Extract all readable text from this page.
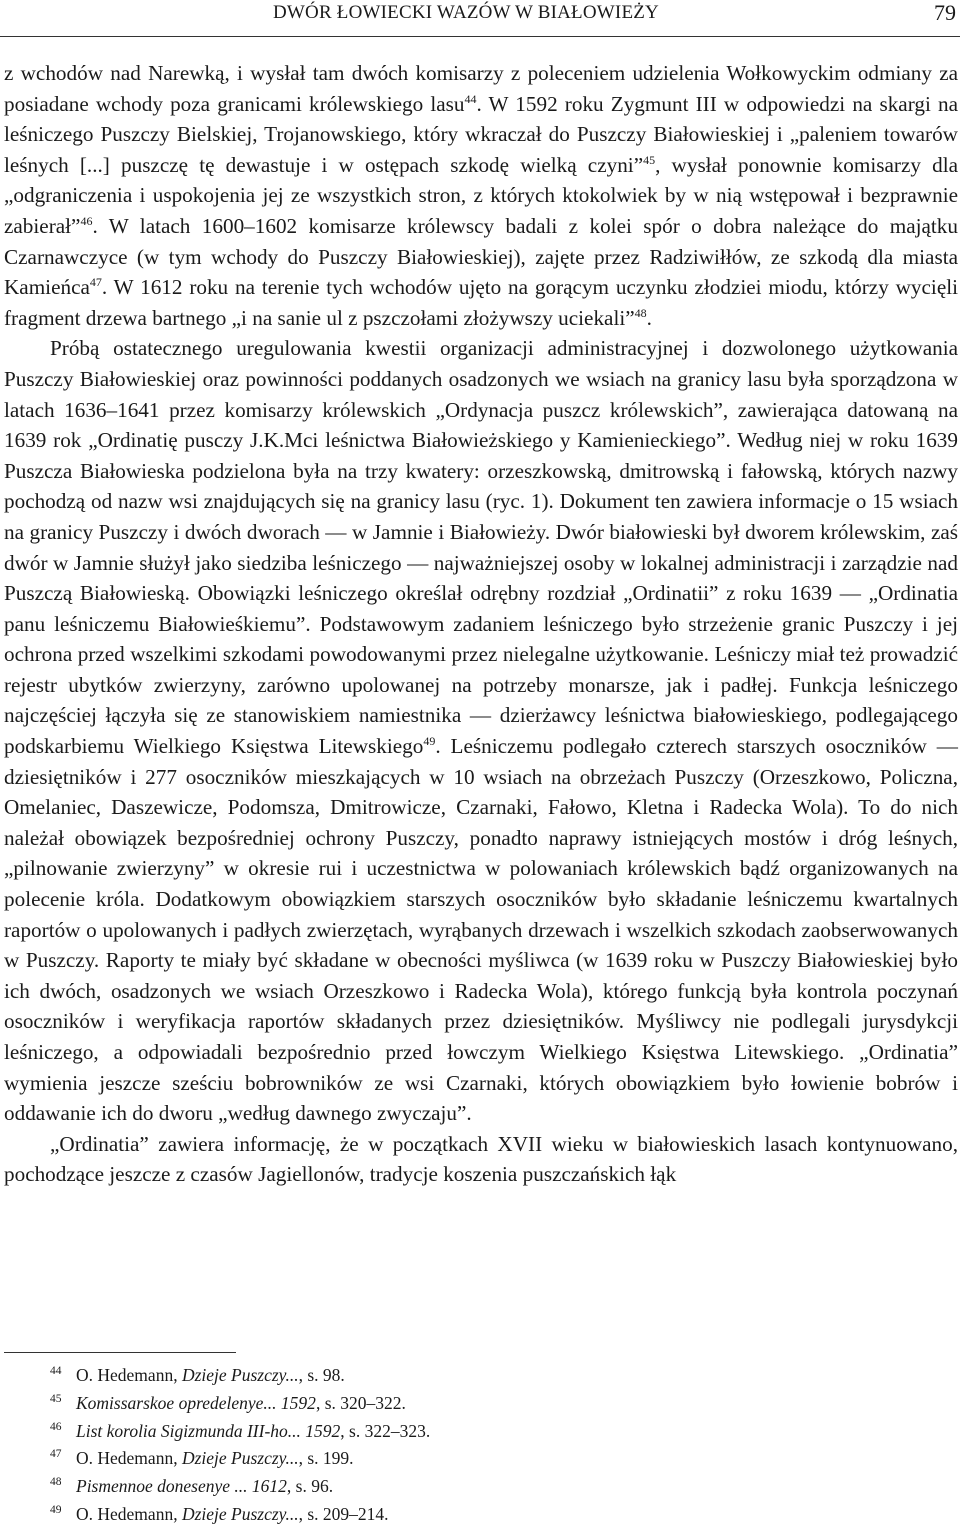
DWÓR ŁOWIECKI WAZÓW W BIAŁOWIEŻY	79

z wchodów nad Narewką, i wysłał tam dwóch komisarzy z poleceniem udzielenia Wołkowyckim odmiany za posiadane wchody poza granicami królewskiego lasu$^{44}$. W 1592 roku Zygmunt III w odpowiedzi na skargi na leśniczego Puszczy Bielskiej, Trojanowskiego, który wkraczał do Puszczy Białowieskiej i „paleniem towarów leśnych [...] puszczę tę dewastuje i w ostępach szkodę wielką czyni”$^{45}$, wysłał ponownie komisarzy dla „odgraniczenia i uspokojenia jej ze wszystkich stron, z których ktokolwiek by w nią wstępował i bezprawnie zabierał”$^{46}$. W latach 1600–1602 komisarze królewscy badali z kolei spór o dobra należące do majątku Czarnawczyce (w tym wchody do Puszczy Białowieskiej), zajęte przez Radziwiłłów, ze szkodą dla miasta Kamieńca$^{47}$. W 1612 roku na terenie tych wchodów ujęto na gorącym uczynku złodziei miodu, którzy wycięli fragment drzewa bartnego „i na sanie ul z pszczołami złożywszy uciekali”$^{48}$.

Próbą ostatecznego uregulowania kwestii organizacji administracyjnej i dozwolonego użytkowania Puszczy Białowieskiej oraz powinności poddanych osadzonych we wsiach na granicy lasu była sporządzona w latach 1636–1641 przez komisarzy królewskich „Ordynacja puszcz królewskich”, zawierająca datowaną na 1639 rok „Ordinatię pusczy J.K.Mci leśnictwa Białowieżskiego y Kamienieckiego”. Według niej w roku 1639 Puszcza Białowieska podzielona była na trzy kwatery: orzeszkowską, dmitrowską i fałowską, których nazwy pochodzą od nazw wsi znajdujących się na granicy lasu (ryc. 1). Dokument ten zawiera informacje o 15 wsiach na granicy Puszczy i dwóch dworach — w Jamnie i Białowieży. Dwór białowieski był dworem królewskim, zaś dwór w Jamnie służył jako siedziba leśniczego — najważniejszej osoby w lokalnej administracji i zarządzie nad Puszczą Białowieską. Obowiązki leśniczego określał odrębny rozdział „Ordinatii” z roku 1639 — „Ordinatia panu leśniczemu Białowieśkiemu”. Podstawowym zadaniem leśniczego było strzeżenie granic Puszczy i jej ochrona przed wszelkimi szkodami powodowanymi przez nielegalne użytkowanie. Leśniczy miał też prowadzić rejestr ubytków zwierzyny, zarówno upolowanej na potrzeby monarsze, jak i padłej. Funkcja leśniczego najczęściej łączyła się ze stanowiskiem namiestnika — dzierżawcy leśnictwa białowieskiego, podlegającego podskarbiemu Wielkiego Księstwa Litewskiego$^{49}$. Leśniczemu podlegało czterech starszych osoczników — dziesiętników i 277 osoczników mieszkających w 10 wsiach na obrzeżach Puszczy (Orzeszkowo, Policzna, Omelaniec, Daszewicze, Podomsza, Dmitrowicze, Czarnaki, Fałowo, Kletna i Radecka Wola). To do nich należał obowiązek bezpośredniej ochrony Puszczy, ponadto naprawy istniejących mostów i dróg leśnych, „pilnowanie zwierzyny” w okresie rui i uczestnictwa w polowaniach królewskich bądź organizowanych na polecenie króla. Dodatkowym obowiązkiem starszych osoczników było składanie leśniczemu kwartalnych raportów o upolowanych i padłych zwierzętach, wyrąbanych drzewach i wszelkich szkodach zaobserwowanych w Puszczy. Raporty te miały być składane w obecności myśliwca (w 1639 roku w Puszczy Białowieskiej było ich dwóch, osadzonych we wsiach Orzeszkowo i Radecka Wola), którego funkcją była kontrola poczynań osoczników i weryfikacja raportów składanych przez dziesiętników. Myśliwcy nie podlegali jurysdykcji leśniczego, a odpowiadali bezpośrednio przed łowczym Wielkiego Księstwa Litewskiego. „Ordinatia” wymienia jeszcze sześciu bobrowników ze wsi Czarnaki, których obowiązkiem było łowienie bobrów i oddawanie ich do dworu „według dawnego zwyczaju”.

„Ordinatia” zawiera informację, że w początkach XVII wieku w białowieskich lasach kontynuowano, pochodzące jeszcze z czasów Jagiellonów, tradycje koszenia puszczańskich łąk

44 O. Hedemann, Dzieje Puszczy..., s. 98.
45 Komissarskoe opredelenye... 1592, s. 320–322.
46 List korolia Sigizmunda III-ho... 1592, s. 322–323.
47 O. Hedemann, Dzieje Puszczy..., s. 199.
48 Pismennoe donesenye ... 1612, s. 96.
49 O. Hedemann, Dzieje Puszczy..., s. 209–214.
